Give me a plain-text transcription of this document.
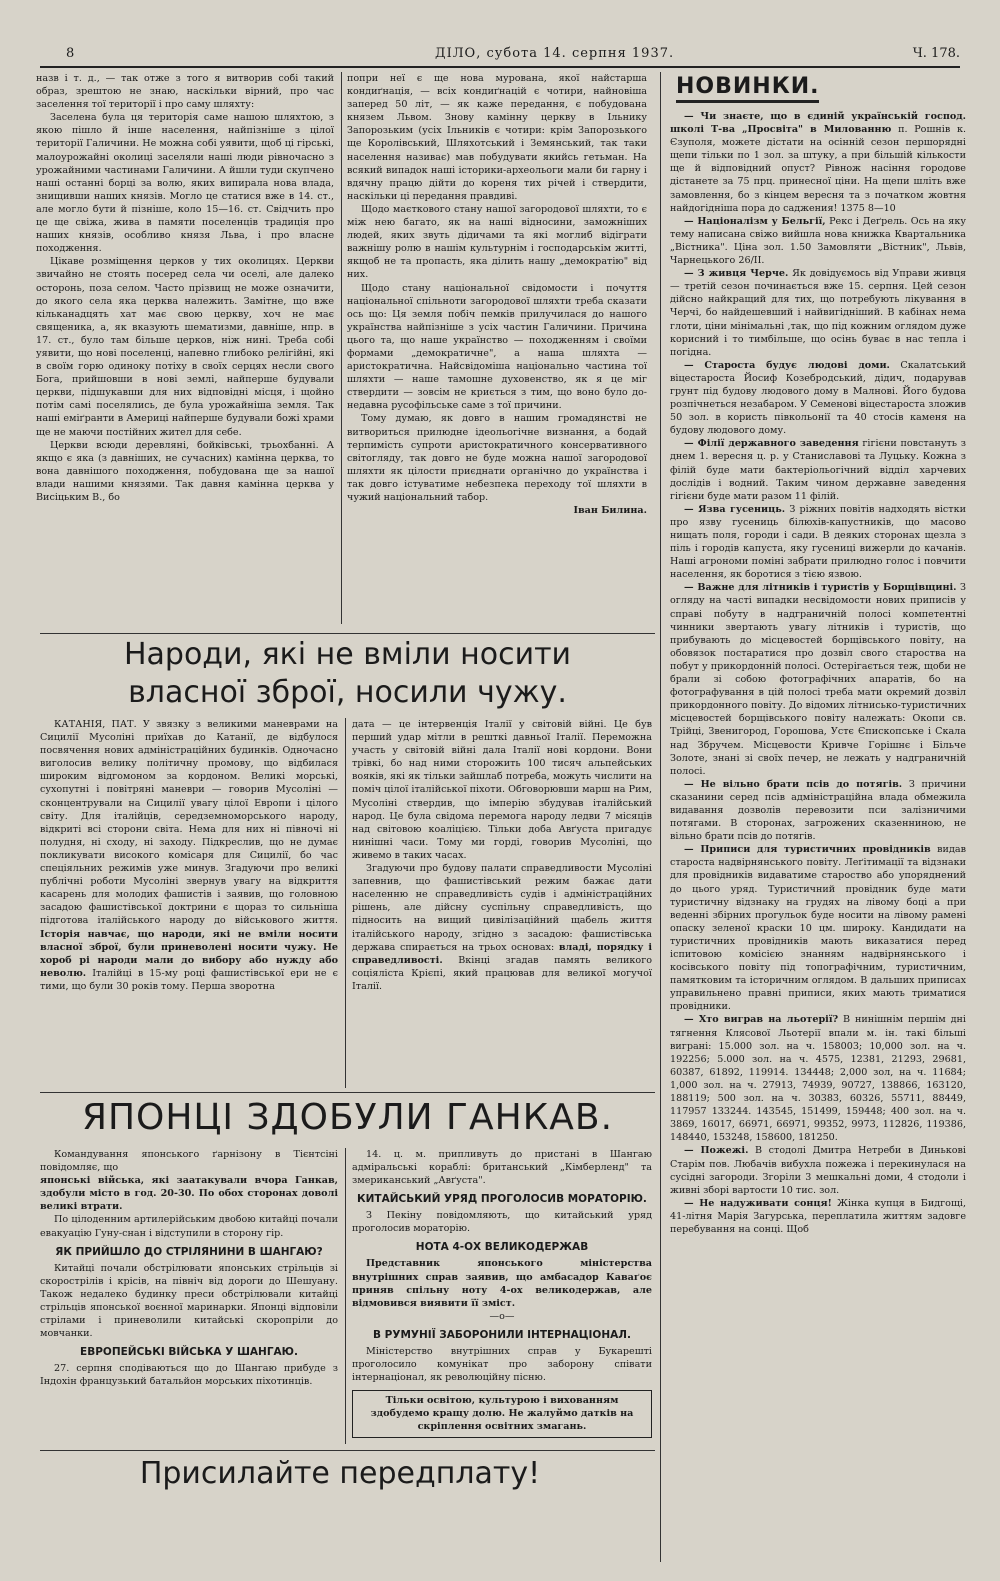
8	ДІЛО, субота 14. серпня 1937.	Ч. 178.

назв і т. д., — так отже з того я витворив собі такий образ, зрештою не знаю, наскільки вірний, про час заселення тої території і про саму шляхту:

Заселена була ця територія саме нашою шляхтою, з якою пішло й інше населення, найпізніше з цілої території Галичини. Не можна собі уявити, щоб ці гірські, малоурожайні околиці заселяли наші люди рівночасно з урожайними частинами Галичини. А йшли туди скупчено наші останні борці за волю, яких випирала нова влада, знищивши наших князів. Могло це статися вже в 14. ст., але могло бути й пізніше, коло 15—16. ст. Свідчить про це ще свіжа, жива в памяти поселенців традиція про наших князів, особливо князя Льва, і про власне походження.

Цікаве розміщення церков у тих околицях. Церкви звичайно не стоять посеред села чи оселі, але далеко осторонь, поза селом. Часто прізвищ не може означити, до якого села яка церква належить. Замітне, що вже кільканадцять хат має свою церкву, хоч не має священика, а, як вказують шематизми, давніше, нпр. в 17. ст., було там більше церков, ніж нині. Треба собі уявити, що нові поселенці, напевно глибоко релігійні, які в своїм горю одиноку потіху в своїх серцях несли свого Бога, прийшовши в нові землі, найперше будували церкви, підшукавши для них відповідні місця, і щойно потім самі поселялись, де була урожайніша земля. Так наші еміґранти в Америці найперше будували божі храми ще не маючи постійних жител для себе.

Церкви всюди деревляні, бойківські, трьохбанні. А якщо є яка (з давніших, не сучасних) камінна церква, то вона давнішого походження, побудована ще за нашої влади нашими князями. Так давня камінна церква у Висіцьким В., бо

попри неї є ще нова мурована, якої найстарша кондиґнація, — всіх кондиґнацій є чотири, найновіша заперед 50 літ, — як каже передання, є побудована князем Львом. Знову камінну церкву в Ільнику Запорозьким (усіх Ільників є чотири: крім Запорозького ще Королівський, Шляхотський і Земянський, так таки населення називає) мав побудувати якийсь гетьман. На всякий випадок наші історики-археольоги мали би гарну і вдячну працю дійти до кореня тих річей і ствердити, наскільки ці передання правдиві.

Щодо маєткового стану нашої загородової шляхти, то є між нею багато, як на наші відносини, заможніших людей, яких звуть дідичами та які моглиб відіграти важнішу ролю в нашім культурнім і господарськім житті, якщоб не та пропасть, яка ділить нашу „демократію" від них.

Щодо стану національної свідомости і почуття національної спільноти загородової шляхти треба сказати ось що: Ця земля побіч пемків прилучилася до нашого українства найпізніше з усіх частин Галичини. Причина цього та, що наше українство — походженням і своїми формами „демократичне", а наша шляхта — аристократична. Найсвідоміша національно частина тої шляхти — наше тамошне духовенство, як я це міг ствердити — зовсім не криється з тим, що воно було до-недавна русофільське саме з тої причини.

Тому думаю, як довго в нашим громадянстві не витвориться прилюдне ідеольогічне визнання, а бодай терпимість супроти аристократичного консервативного світогляду, так довго не буде можна нашої загородової шляхти як цілости приєднати органічно до українства і так довго істуватиме небезпека переходу тої шляхти в чужий національний табор.

Іван Билина.

Народи, які не вміли носити
власної зброї, носили чужу.

КАТАНІЯ, ПАТ. У звязку з великими маневрами на Сицилії Мусоліні приїхав до Катанії, де відбулося посвячення нових адміністраційних будинків. Одночасно виголосив велику політичну промову, що відбилася широким відгомоном за кордоном. Великі морські, сухопутні і повітряні маневри — говорив Мусоліні — сконцентрували на Сицилії увагу цілої Европи і цілого світу. Для італійців, середземноморського народу, відкриті всі сторони світа. Нема для них ні півночі ні полудня, ні сходу, ні заходу. Підкреслив, що не думає покликувати високого комісаря для Сицилії, бо час спеціяльних режимів уже минув. Згадуючи про великі публічні роботи Мусоліні звернув увагу на відкриття касарень для молодих фашистів і заявив, що головною засадою фашистівської доктрини є щораз то сильніша підготова італійського народу до військового життя. Історія навчає, що народи, які не вміли носити власної зброї, були приневолені носити чужу. Не хороб рі народи мали до вибору або нужду або неволю. Італійці в 15-му році фашистівської ери не є тими, що були 30 років тому. Перша зворотна

дата — це інтервенція Італії у світовій війні. Це був перший удар мітли в решткі давньої Італії. Переможна участь у світовій війні дала Італії нові кордони. Вони трівкі, бо над ними сторожить 100 тисяч альпейських вояків, які як тільки зайшлаб потреба, можуть числити на поміч цілої італійської піхоти. Обговорювши марш на Рим, Мусоліні ствердив, що імперію збудував італійський народ. Це була свідома перемога народу ледви 7 місяців над світовою коаліцією. Тільки доба Авґуста пригадує нинішні часи. Тому ми горді, говорив Мусоліні, що живемо в таких часах.

Згадуючи про будову палати справедливости Мусоліні запевнив, що фашистівський режим бажає дати населенню не справедливість судів і адміністраційних рішень, але дійсну суспільну справедливість, що підносить на вищий цивілізаційний щабель життя італійського народу, згідно з засадою: фашистівська держава спирається на трьох основах: владі, порядку і справедливості. Вкінці згадав память великого соціяліста Крієпі, який працював для великої могучої Італії.

ЯПОНЦІ ЗДОБУЛИ ГАНКАВ.

Командування японського ґарнізону в Тієнтсіні повідомляє, що

японські війська, які заатакували вчора Ганкав, здобули місто в год. 20-30. По обох сторонах доволі великі втрати.

По цілоденним артилерійським двобою китайці почали евакуацію Гуну-снан і відступили в сторону гір.

ЯК ПРИЙШЛО ДО СТРІЛЯНИНИ В ШАНГАЮ?

Китайці почали обстрілювати японських стрільців зі скорострілів і крісів, на північ від дороги до Шешуану. Також недалеко будинку преси обстрілювали китайці стрільців японської воєнної маринарки. Японці відповіли стрілами і приневолили китайські скоропріли до мовчанки.

ЕВРОПЕЙСЬКІ ВІЙСЬКА У ШАНГАЮ.

27. серпня сподіваються що до Шангаю прибуде з Індохін французький батальйон морських піхотинців.

14. ц. м. припливуть до пристані в Шангаю адміральські кораблі: британський „Кімберленд" та змериканський „Авґуста".

КИТАЙСЬКИЙ УРЯД ПРОГОЛОСИВ МОРАТОРІЮ.

З Пекіну повідомляють, що китайський уряд проголосив мораторію.

НОТА 4-ОХ ВЕЛИКОДЕРЖАВ

Представник японського міністерства внутрішних справ заявив, що амбасадор Каваґоє приняв спільну ноту 4-ох великодержав, але відмовився виявити її зміст.

—о—
В РУМУНІЇ ЗАБОРОНИЛИ ІНТЕРНАЦІОНАЛ.

Міністерство внутрішних справ у Букарешті проголосило комунікат про заборону співати інтернаціонал, як революційну пісню.

Тільки освітою, культурою і вихованням здобудемо кращу долю. Не жалуймо датків на скріплення освітних змагань.
Присилайте передплату!
НОВИНКИ.

— Чи знаєте, що в єдиній українській господ. школі Т-ва „Просвіта" в Милованню п. Рошнів к. Єзуполя, можете дістати на осінній сезон першорядні щепи тільки по 1 зол. за штуку, а при більшій кількости ще й відповідний опуст? Рівнож насіння городове дістанете за 75 прц. принесної ціни. На щепи шліть вже замовлення, бо з кінцем вересня та з початком жовтня найдогідніша пора до саджения! 1375 8—10

— Націоналізм у Бельгії, Рекс і Деґрель. Ось на яку тему написана свіжо вийшла нова книжка Квартальника „Вістника". Ціна зол. 1.50 Замовляти „Вістник", Львів, Чарнецького 26/ІІ.

— З живця Черче. Як довідуємось від Управи живця — третій сезон починається вже 15. серпня. Цей сезон дійсно найкращий для тих, що потребують лікування в Черчі, бо найдешевший і найвигідніший. В кабінах нема глоти, ціни мінімальні ,так, що під кожним оглядом дуже корисний і то тимбільше, що осінь буває в нас тепла і погідна.

— Старостa будує людові доми. Скалатський віцестароста Йосиф Козебродський, дідич, подарував грунт під будову людового дому в Малнові. Його будова розпічнеться незабаром. У Семенові віцестароста зложив 50 зол. в користь півкольонії та 40 стосів каменя на будову людового дому.

— Філії державного заведення гігієни повстануть з днем 1. вересня ц. р. у Станиславові та Луцьку. Кожна з філій буде мати бактеріольогічний відділ харчевих дослідів і водний. Таким чином державне заведення гігієни буде мати разом 11 філій.

— Язва гусениць. З ріжних повітів надходять вістки про язву гусениць білюхів-капустників, що масово нищать поля, городи і сади. В деяких сторонах щезла з піль і городів капуста, яку гусениці вижерли до качанів. Наші агрономи поміні забрати прилюдно голос і повчити населення, як боротися з тією язвою.

— Важне для літників і туристів у Борщівщині. З огляду на часті випадки несвідомости нових приписів у справі побуту в надграничній полосі компетентні чинники звертають увагу літників і туристів, що прибувають до місцевостей борщівського повіту, на обовязок постаратися про дозвіл свого староства на побут у прикордонній полосі. Остерігається теж, щоби не брали зі собою фотографічних апаратів, бо на фотографування в цій полосі треба мати окремий дозвіл прикордонного повіту. До відомих літнисько-туристичних місцевостей борщівського повіту належать: Окопи св. Трійці, Звенигород, Горошова, Устє Єпископське і Скала над Збручем. Місцевости Кривче Горішнє і Більче Золоте, знані зі своїх печер, не лежать у надграничній полосі.

— Не вільно брати псів до потягів. З причини сказанини серед псів адміністраційна влада обмежила видавання дозволів перевозити пси залізничими потягами. В сторонах, загрожених сказенниною, не вільно брати псів до потягів.

— Приписи для туристичних провідників видав староста надвірнянського повіту. Леґітимації та відзнаки для провідників видаватиме староство або упоряднений до цього уряд. Туристичний провідник буде мати туристичну відзнаку на грудях на лівому боці а при веденні збірних прогульок буде носити на лівому рамені опаску зеленої краски 10 цм. широку. Кандидати на туристичних провідників мають виказатися перед іспитовою комісією знанням надвірнянського і косівського повіту під топографічним, туристичним, памятковим та історичним оглядом. В дальших приписах упрaвильнено правні приписи, яких мають триматися провідники.

— Хто виграв на льотерії? В нинішнім першім дні тягнення Клясової Льотерії впали м. ін. такі більші виграні: 15.000 зол. на ч. 158003; 10,000 зол. на ч. 192256; 5.000 зол. на ч. 4575, 12381, 21293, 29681, 60387, 61892, 119914. 134448; 2,000 зол, на ч. 11684; 1,000 зол. на ч. 27913, 74939, 90727, 138866, 163120, 188119; 500 зол. на ч. 30383, 60326, 55711, 88449, 117957 133244. 143545, 151499, 159448; 400 зол. на ч. 3869, 16017, 66971, 66971, 99352, 9973, 112826, 119386, 148440, 153248, 158600, 181250.

— Пожежі. В стодолі Дмитра Нетреби в Динькові Старім пов. Любачів вибухла пожежа і перекинулася на сусідні загороди. Згоріли 3 мешкальні доми, 4 стодоли і живні зборі вартости 10 тис. зол.

— Не надуживати сонця! Жінка купця в Бидгощі, 41-літня Марія Загурська, переплатила життям задовге перебування на сонці. Щоб
